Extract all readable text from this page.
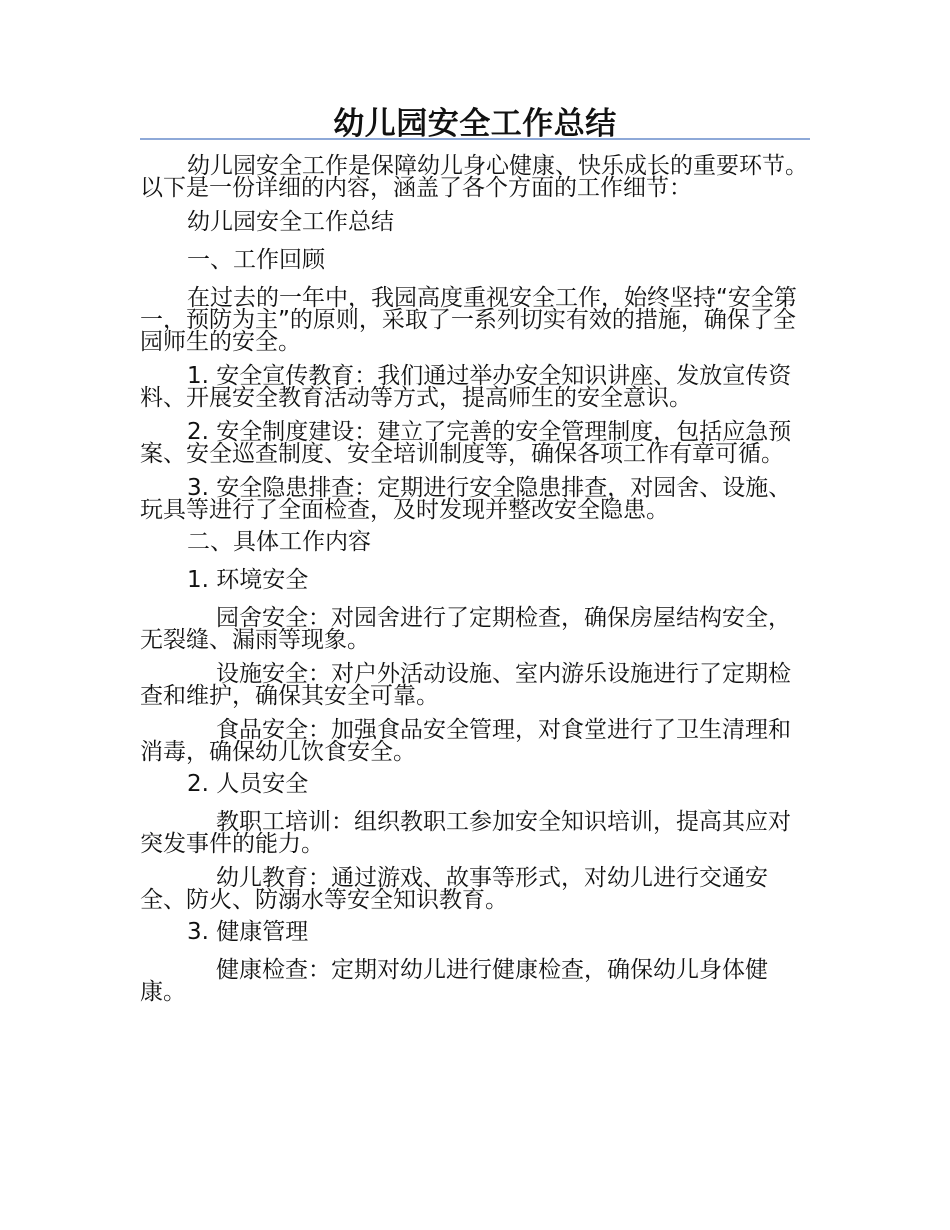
幼儿园安全工作总结

幼儿园安全工作是保障幼儿身心健康、快乐成长的重要环节。以下是一份详细的内容，涵盖了各个方面的工作细节：

幼儿园安全工作总结

一、工作回顾

在过去的一年中，我园高度重视安全工作，始终坚持“安全第一，预防为主”的原则，采取了一系列切实有效的措施，确保了全园师生的安全。

1. 安全宣传教育：我们通过举办安全知识讲座、发放宣传资料、开展安全教育活动等方式，提高师生的安全意识。

2. 安全制度建设：建立了完善的安全管理制度，包括应急预案、安全巡查制度、安全培训制度等，确保各项工作有章可循。

3. 安全隐患排查：定期进行安全隐患排查，对园舍、设施、玩具等进行了全面检查，及时发现并整改安全隐患。

二、具体工作内容

1. 环境安全

园舍安全：对园舍进行了定期检查，确保房屋结构安全，无裂缝、漏雨等现象。

设施安全：对户外活动设施、室内游乐设施进行了定期检查和维护，确保其安全可靠。

食品安全：加强食品安全管理，对食堂进行了卫生清理和消毒，确保幼儿饮食安全。

2. 人员安全

教职工培训：组织教职工参加安全知识培训，提高其应对突发事件的能力。

幼儿教育：通过游戏、故事等形式，对幼儿进行交通安全、防火、防溺水等安全知识教育。

3. 健康管理

健康检查：定期对幼儿进行健康检查，确保幼儿身体健康。
